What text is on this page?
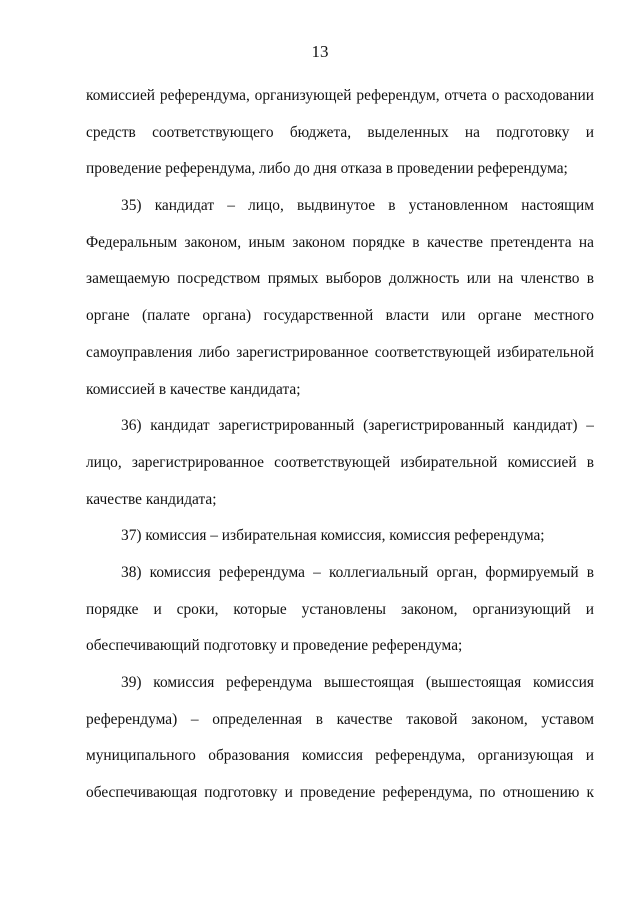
13
комиссией референдума, организующей референдум, отчета о расходовании
средств соответствующего бюджета, выделенных на подготовку и
проведение референдума, либо до дня отказа в проведении референдума;
35) кандидат – лицо, выдвинутое в установленном настоящим
Федеральным законом, иным законом порядке в качестве претендента на
замещаемую посредством прямых выборов должность или на членство в
органе (палате органа) государственной власти или органе местного
самоуправления либо зарегистрированное соответствующей избирательной
комиссией в качестве кандидата;
36) кандидат зарегистрированный (зарегистрированный кандидат) –
лицо, зарегистрированное соответствующей избирательной комиссией в
качестве кандидата;
37) комиссия – избирательная комиссия, комиссия референдума;
38) комиссия референдума – коллегиальный орган, формируемый в
порядке и сроки, которые установлены законом, организующий и
обеспечивающий подготовку и проведение референдума;
39) комиссия референдума вышестоящая (вышестоящая комиссия
референдума) – определенная в качестве таковой законом, уставом
муниципального образования комиссия референдума, организующая и
обеспечивающая подготовку и проведение референдума, по отношению к
